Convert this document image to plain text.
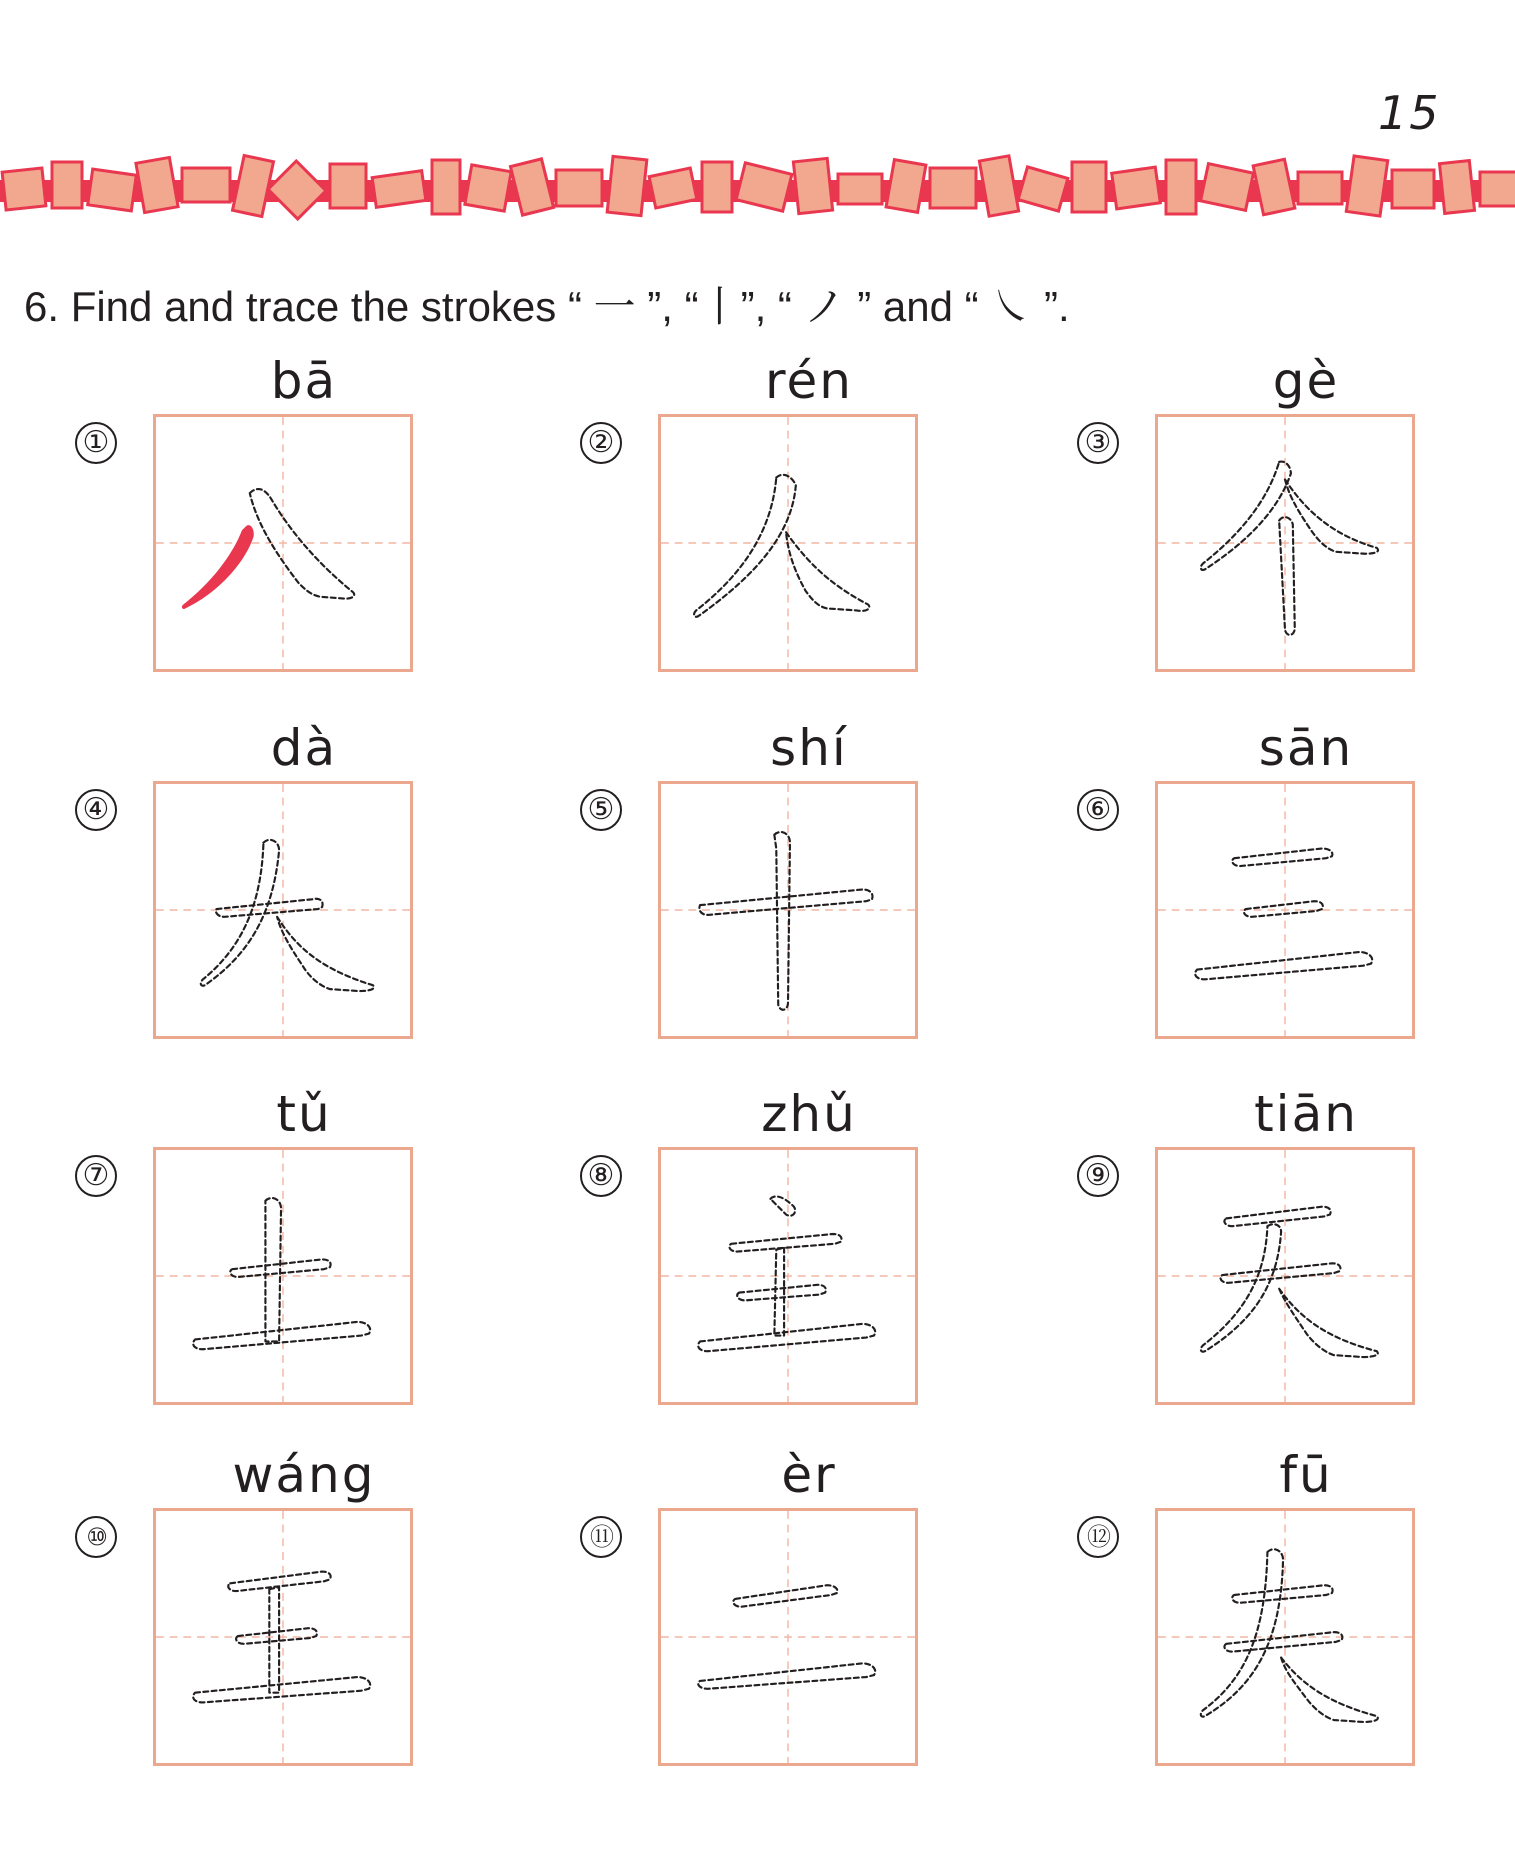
15
6. Find and trace the strokes “ 一 ”, “丨”, “ ノ ” and “ ㇏ ”.
bā
①
rén
②
gè
③
dà
④
shí
⑤
sān
⑥
tǔ
⑦
zhǔ
⑧
tiān
⑨
wáng
⑩
èr
⑪
fū
⑫
